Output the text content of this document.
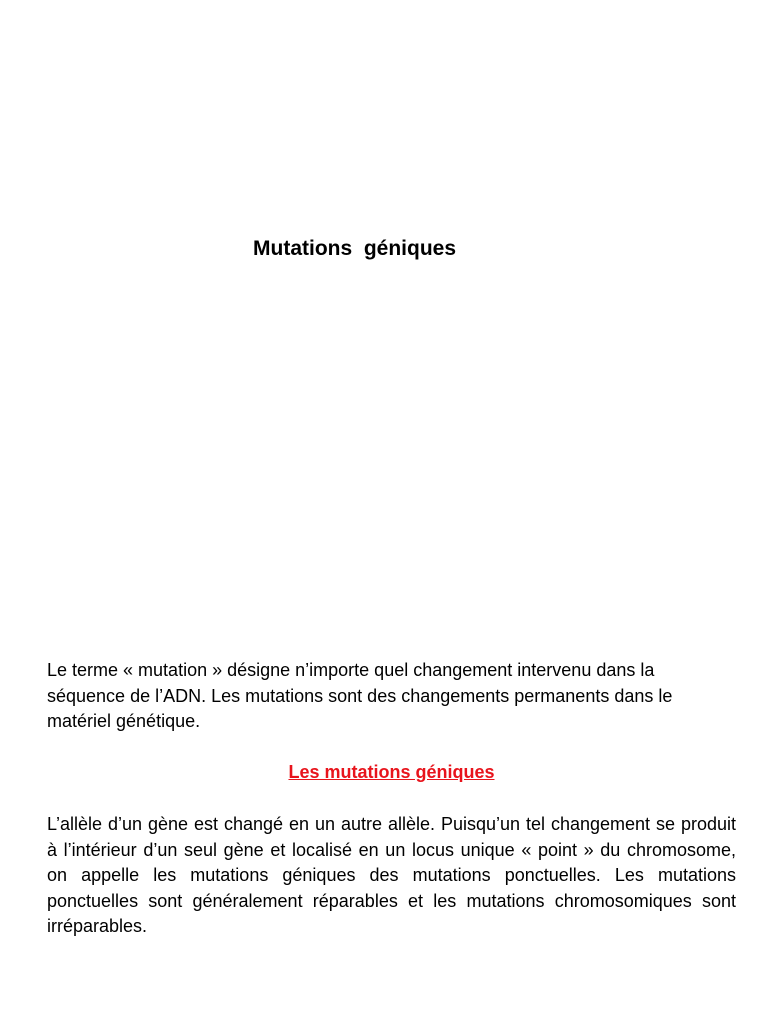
Mutations  géniques

Le terme « mutation » désigne n’importe quel changement intervenu dans la séquence de l’ADN. Les mutations sont des changements permanents dans le matériel génétique.

Les mutations géniques

L’allèle d’un gène est changé en un autre allèle. Puisqu’un tel changement se produit à l’intérieur d’un seul gène et localisé en un locus unique « point » du chromosome, on appelle les mutations géniques des mutations ponctuelles. Les mutations ponctuelles sont généralement réparables et les mutations chromosomiques sont irréparables.
